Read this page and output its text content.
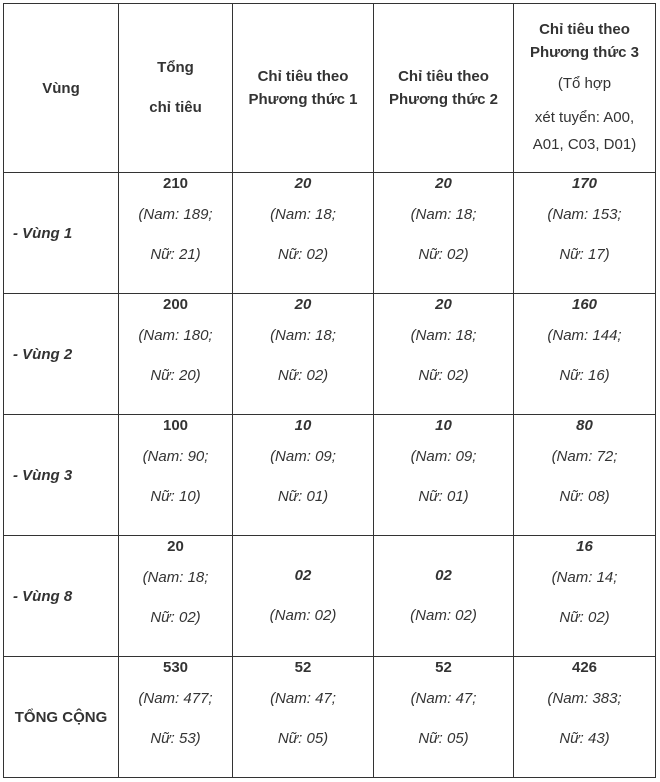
Vùng	Tổng
chỉ tiêu	Chỉ tiêu theo
Phương thức 1	Chỉ tiêu theo
Phương thức 2	Chỉ tiêu theo
Phương thức 3
(Tổ hợp
xét tuyển: A00,
A01, C03, D01)

- Vùng 1	210
(Nam: 189;
Nữ: 21)	20
(Nam: 18;
Nữ: 02)	20
(Nam: 18;
Nữ: 02)	170
(Nam: 153;
Nữ: 17)

- Vùng 2	200
(Nam: 180;
Nữ: 20)	20
(Nam: 18;
Nữ: 02)	20
(Nam: 18;
Nữ: 02)	160
(Nam: 144;
Nữ: 16)

- Vùng 3	100
(Nam: 90;
Nữ: 10)	10
(Nam: 09;
Nữ: 01)	10
(Nam: 09;
Nữ: 01)	80
(Nam: 72;
Nữ: 08)

- Vùng 8	20
(Nam: 18;
Nữ: 02)	02
(Nam: 02)	02
(Nam: 02)	16
(Nam: 14;
Nữ: 02)

TỔNG CỘNG	530
(Nam: 477;
Nữ: 53)	52
(Nam: 47;
Nữ: 05)	52
(Nam: 47;
Nữ: 05)	426
(Nam: 383;
Nữ: 43)
